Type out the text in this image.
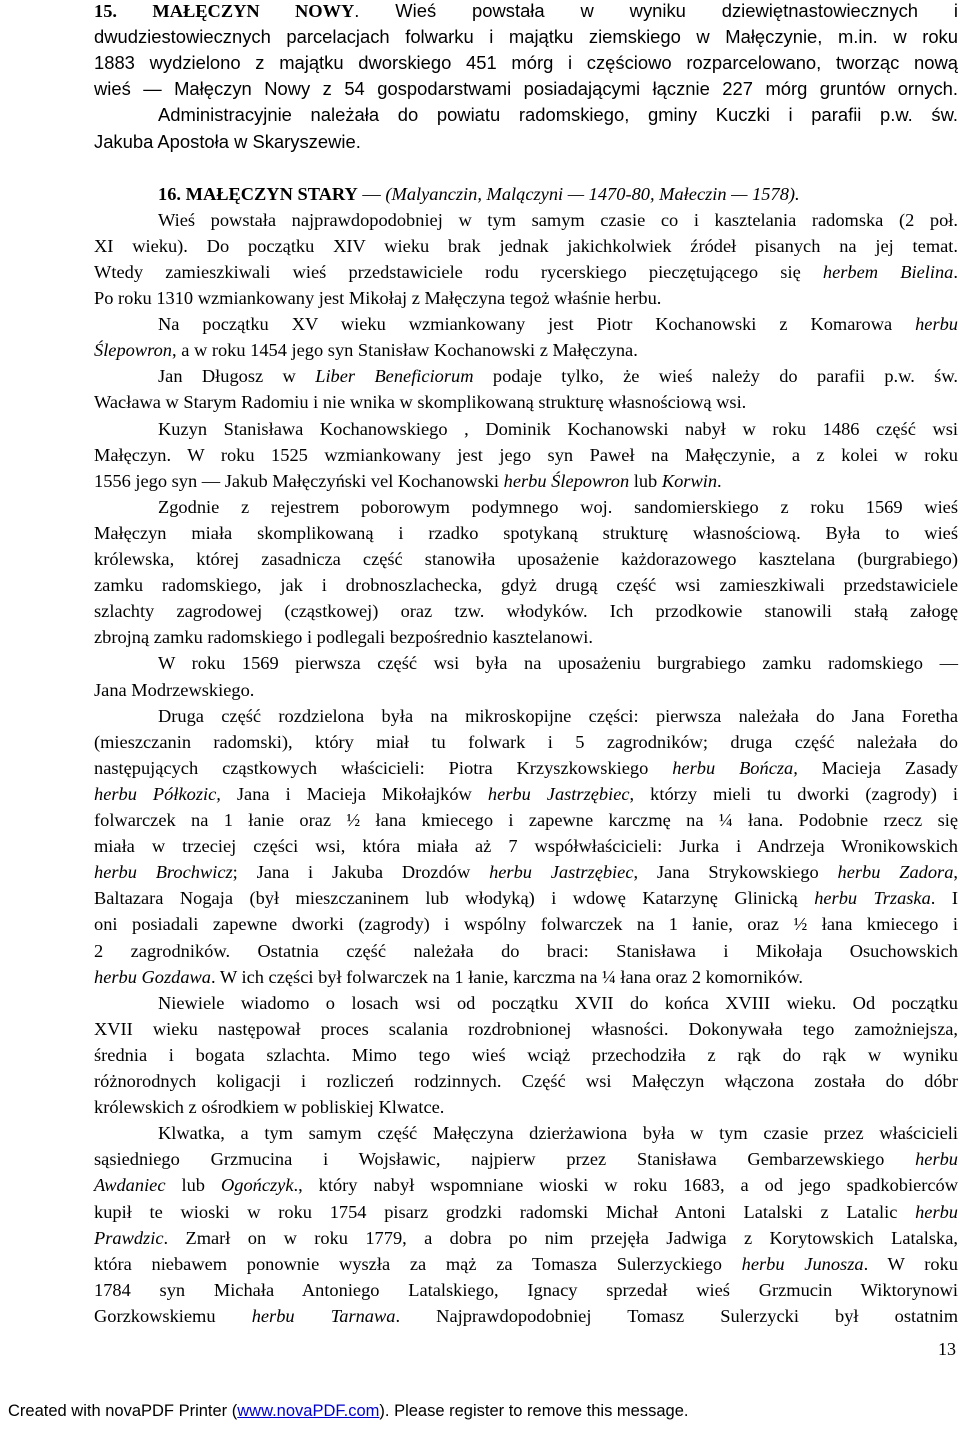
15. MAŁĘCZYN NOWY. Wieś powstała w wyniku dziewiętnastowiecznych i
dwudziestowiecznych parcelacjach folwarku i majątku ziemskiego w Małęczynie, m.in. w roku
1883 wydzielono z majątku dworskiego 451 mórg i częściowo rozparcelowano, tworząc nową
wieś — Małęczyn Nowy z 54 gospodarstwami posiadającymi łącznie 227 mórg gruntów ornych.
Administracyjnie należała do powiatu radomskiego, gminy Kuczki i parafii p.w. św.
Jakuba Apostoła w Skaryszewie.
16. MAŁĘCZYN STARY — (Malyanczin, Malączyni — 1470-80, Małeczin — 1578).
Wieś powstała najprawdopodobniej w tym samym czasie co i kasztelania radomska (2 poł.
XI wieku). Do początku XIV wieku brak jednak jakichkolwiek źródeł pisanych na jej temat.
Wtedy zamieszkiwali wieś przedstawiciele rodu rycerskiego pieczętującego się herbem Bielina.
Po roku 1310 wzmiankowany jest Mikołaj z Małęczyna tegoż właśnie herbu.
Na początku XV wieku wzmiankowany jest Piotr Kochanowski z Komarowa herbu
Ślepowron, a w roku 1454 jego syn Stanisław Kochanowski z Małęczyna.
Jan Długosz w Liber Beneficiorum podaje tylko, że wieś należy do parafii p.w. św.
Wacława w Starym Radomiu i nie wnika w skomplikowaną strukturę własnościową wsi.
Kuzyn Stanisława Kochanowskiego , Dominik Kochanowski nabył w roku 1486 część wsi
Małęczyn. W roku 1525 wzmiankowany jest jego syn Paweł na Małęczynie, a z kolei w roku
1556 jego syn — Jakub Małęczyński vel Kochanowski herbu Ślepowron lub Korwin.
Zgodnie z rejestrem poborowym podymnego woj. sandomierskiego z roku 1569 wieś
Małęczyn miała skomplikowaną i rzadko spotykaną strukturę własnościową. Była to wieś
królewska, której zasadnicza część stanowiła uposażenie każdorazowego kasztelana (burgrabiego)
zamku radomskiego, jak i drobnoszlachecka, gdyż drugą część wsi zamieszkiwali przedstawiciele
szlachty zagrodowej (cząstkowej) oraz tzw. włodyków. Ich przodkowie stanowili stałą załogę
zbrojną zamku radomskiego i podlegali bezpośrednio kasztelanowi.
W roku 1569 pierwsza część wsi była na uposażeniu burgrabiego zamku radomskiego —
Jana Modrzewskiego.
Druga część rozdzielona była na mikroskopijne części: pierwsza należała do Jana Foretha
(mieszczanin radomski), który miał tu folwark i 5 zagrodników; druga część należała do
następujących cząstkowych właścicieli: Piotra Krzyszkowskiego herbu Bończa, Macieja Zasady
herbu Półkozic, Jana i Macieja Mikołajków herbu Jastrzębiec, którzy mieli tu dworki (zagrody) i
folwarczek na 1 łanie oraz ½ łana kmiecego i zapewne karczmę na ¼ łana. Podobnie rzecz się
miała w trzeciej części wsi, która miała aż 7 współwłaścicieli: Jurka i Andrzeja Wronikowskich
herbu Brochwicz; Jana i Jakuba Drozdów herbu Jastrzębiec, Jana Strykowskiego herbu Zadora,
Baltazara Nogaja (był mieszczaninem lub włodyką) i wdowę Katarzynę Glinicką herbu Trzaska. I
oni posiadali zapewne dworki (zagrody) i wspólny folwarczek na 1 łanie, oraz ½ łana kmiecego i
2 zagrodników. Ostatnia część należała do braci: Stanisława i Mikołaja Osuchowskich
herbu Gozdawa. W ich części był folwarczek na 1 łanie, karczma na ¼ łana oraz 2 komorników.
Niewiele wiadomo o losach wsi od początku XVII do końca XVIII wieku. Od początku
XVII wieku następował proces scalania rozdrobnionej własności. Dokonywała tego zamożniejsza,
średnia i bogata szlachta. Mimo tego wieś wciąż przechodziła z rąk do rąk w wyniku
różnorodnych koligacji i rozliczeń rodzinnych. Część wsi Małęczyn włączona została do dóbr
królewskich z ośrodkiem w pobliskiej Klwatce.
Klwatka, a tym samym część Małęczyna dzierżawiona była w tym czasie przez właścicieli
sąsiedniego Grzmucina i Wojsławic, najpierw przez Stanisława Gembarzewskiego herbu
Awdaniec lub Ogończyk., który nabył wspomniane wioski w roku 1683, a od jego spadkobierców
kupił te wioski w roku 1754 pisarz grodzki radomski Michał Antoni Latalski z Latalic herbu
Prawdzic. Zmarł on w roku 1779, a dobra po nim przejęła Jadwiga z Korytowskich Latalska,
która niebawem ponownie wyszła za mąż za Tomasza Sulerzyckiego herbu Junosza. W roku
1784 syn Michała Antoniego Latalskiego, Ignacy sprzedał wieś Grzmucin Wiktorynowi
Gorzkowskiemu herbu Tarnawa. Najprawdopodobniej Tomasz Sulerzycki był ostatnim
13
Created with novaPDF Printer (www.novaPDF.com). Please register to remove this message.
